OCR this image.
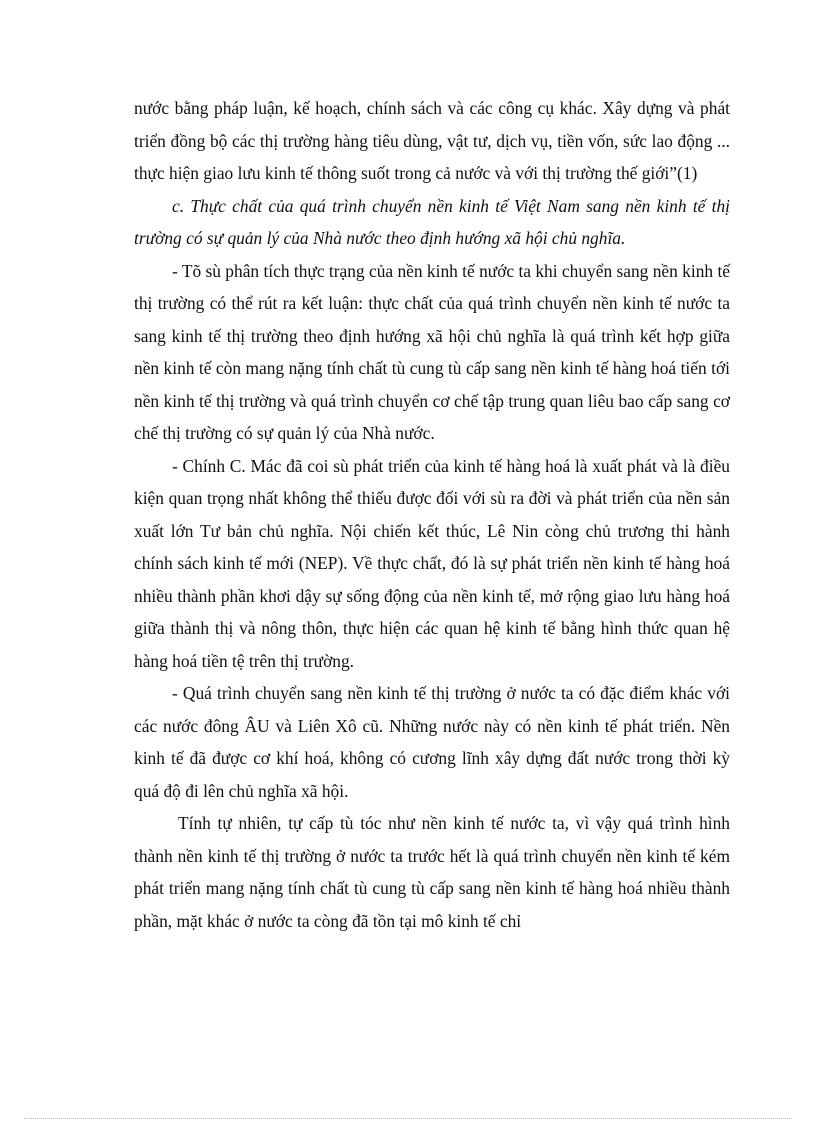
nước bằng pháp luận, kế hoạch, chính sách và các công cụ khác. Xây dựng và phát triển đồng bộ các thị trường hàng tiêu dùng, vật tư, dịch vụ, tiền vốn, sức lao động ... thực hiện giao lưu kinh tế thông suốt trong cả nước và với thị trường thế giới”(1)

c. Thực chất của quá trình chuyển nền kinh tế Việt Nam sang nền kinh tế thị trường có sự quản lý của Nhà nước theo định hướng xã hội chủ nghĩa.

- Tõ sù phân tích thực trạng của nền kinh tế nước ta khi chuyển sang nền kinh tế thị trường có thể rút ra kết luận: thực chất của quá trình chuyển nền kinh tế nước ta sang kinh tế thị trường theo định hướng xã hội chủ nghĩa là quá trình kết hợp giữa nền kinh tế còn mang nặng tính chất tù cung tù cấp sang nền kinh tế hàng hoá tiến tới nền kinh tế thị trường và quá trình chuyển cơ chế tập trung quan liêu bao cấp sang cơ chế thị trường có sự quản lý của Nhà nước.

- Chính C. Mác đã coi sù phát triển của kinh tế hàng hoá là xuất phát và là điều kiện quan trọng nhất không thể thiếu được đối với sù ra đời và phát triển của nền sản xuất lớn Tư bản chủ nghĩa. Nội chiến kết thúc, Lê Nin còng chủ trương thi hành chính sách kinh tế mới (NEP). Về thực chất, đó là sự phát triển nền kinh tế hàng hoá nhiều thành phần khơi dậy sự sống động của nền kinh tế, mở rộng giao lưu hàng hoá giữa thành thị và nông thôn, thực hiện các quan hệ kinh tế bằng hình thức quan hệ hàng hoá tiền tệ trên thị trường.

- Quá trình chuyển sang nền kinh tế thị trường ở nước ta có đặc điểm khác với các nước đông ÂU và Liên Xô cũ. Những nước này có nền kinh tế phát triển. Nền kinh tế đã được cơ khí hoá, không có cương lĩnh xây dựng đất nước trong thời kỳ quá độ đi lên chủ nghĩa xã hội.

Tính tự nhiên, tự cấp tù tóc như nền kinh tế nước ta, vì vậy quá trình hình thành nền kinh tế thị trường ở nước ta trước hết là quá trình chuyển nền kinh tế kém phát triển mang nặng tính chất tù cung tù cấp sang nền kinh tế hàng hoá nhiều thành phần, mặt khác ở nước ta còng đã tồn tại mô kinh tế chỉ
